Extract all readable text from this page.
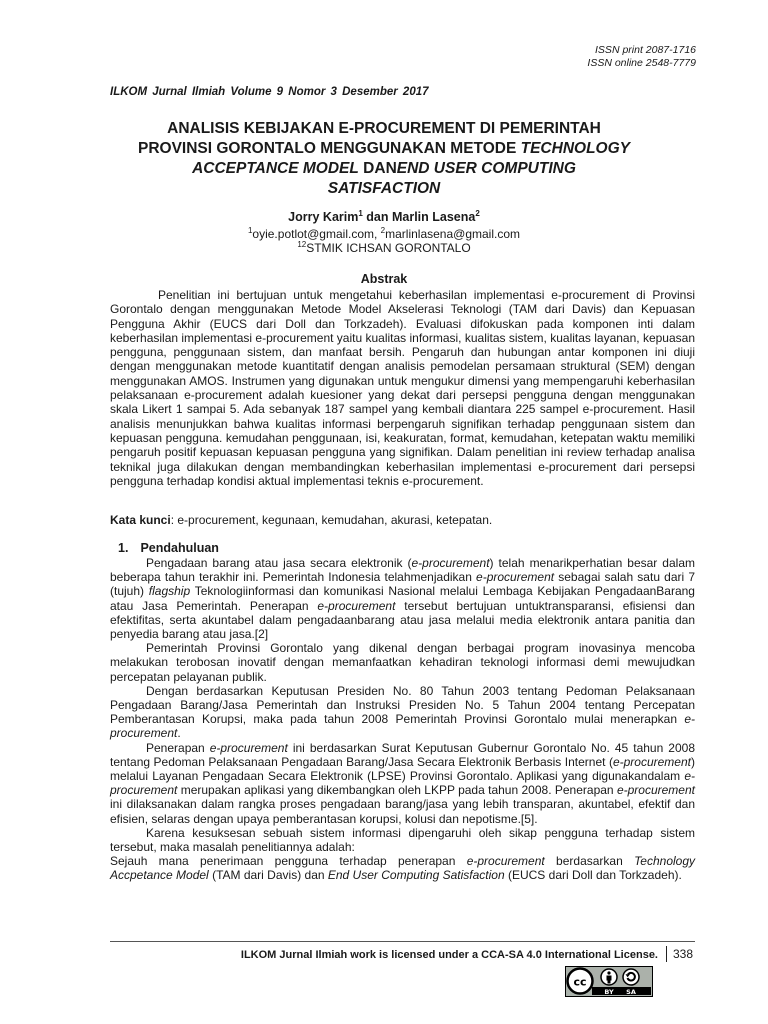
ISSN print 2087-1716
ISSN online 2548-7779
ILKOM Jurnal Ilmiah Volume 9 Nomor 3 Desember 2017
ANALISIS KEBIJAKAN E-PROCUREMENT DI PEMERINTAH
PROVINSI GORONTALO MENGGUNAKAN METODE TECHNOLOGY
ACCEPTANCE MODEL DANEND USER COMPUTING
SATISFACTION
Jorry Karim$^1$ dan Marlin Lasena$^2$
$^1$oyie.potlot@gmail.com, $^2$marlinlasena@gmail.com
$^{12}$STMIK ICHSAN GORONTALO
Abstrak

Penelitian ini bertujuan untuk mengetahui keberhasilan implementasi e-procurement di Provinsi Gorontalo dengan menggunakan Metode Model Akselerasi Teknologi (TAM dari Davis) dan Kepuasan Pengguna Akhir (EUCS dari Doll dan Torkzadeh). Evaluasi difokuskan pada komponen inti dalam keberhasilan implementasi e-procurement yaitu kualitas informasi, kualitas sistem, kualitas layanan, kepuasan pengguna, penggunaan sistem, dan manfaat bersih. Pengaruh dan hubungan antar komponen ini diuji dengan menggunakan metode kuantitatif dengan analisis pemodelan persamaan struktural (SEM) dengan menggunakan AMOS. Instrumen yang digunakan untuk mengukur dimensi yang mempengaruhi keberhasilan pelaksanaan e-procurement adalah kuesioner yang dekat dari persepsi pengguna dengan menggunakan skala Likert 1 sampai 5. Ada sebanyak 187 sampel yang kembali diantara 225 sampel e-procurement. Hasil analisis menunjukkan bahwa kualitas informasi berpengaruh signifikan terhadap penggunaan sistem dan kepuasan pengguna. kemudahan penggunaan, isi, keakuratan, format, kemudahan, ketepatan waktu memiliki pengaruh positif kepuasan kepuasan pengguna yang signifikan. Dalam penelitian ini review terhadap analisa teknikal juga dilakukan dengan membandingkan keberhasilan implementasi e-procurement dari persepsi pengguna terhadap kondisi aktual implementasi teknis e-procurement.

Kata kunci: e-procurement, kegunaan, kemudahan, akurasi, ketepatan.

1. Pendahuluan

Pengadaan barang atau jasa secara elektronik (e-procurement) telah menarikperhatian besar dalam beberapa tahun terakhir ini. Pemerintah Indonesia telahmenjadikan e-procurement sebagai salah satu dari 7 (tujuh) flagship Teknologiinformasi dan komunikasi Nasional melalui Lembaga Kebijakan PengadaanBarang atau Jasa Pemerintah. Penerapan e-procurement tersebut bertujuan untuktransparansi, efisiensi dan efektifitas, serta akuntabel dalam pengadaanbarang atau jasa melalui media elektronik antara panitia dan penyedia barang atau jasa.[2]

Pemerintah Provinsi Gorontalo yang dikenal dengan berbagai program inovasinya mencoba melakukan terobosan inovatif dengan memanfaatkan kehadiran teknologi informasi demi mewujudkan percepatan pelayanan publik.

Dengan berdasarkan Keputusan Presiden No. 80 Tahun 2003 tentang Pedoman Pelaksanaan Pengadaan Barang/Jasa Pemerintah dan Instruksi Presiden No. 5 Tahun 2004 tentang Percepatan Pemberantasan Korupsi, maka pada tahun 2008 Pemerintah Provinsi Gorontalo mulai menerapkan e-procurement.

Penerapan e-procurement ini berdasarkan Surat Keputusan Gubernur Gorontalo No. 45 tahun 2008 tentang Pedoman Pelaksanaan Pengadaan Barang/Jasa Secara Elektronik Berbasis Internet (e-procurement) melalui Layanan Pengadaan Secara Elektronik (LPSE) Provinsi Gorontalo. Aplikasi yang digunakandalam e-procurement merupakan aplikasi yang dikembangkan oleh LKPP pada tahun 2008. Penerapan e-procurement ini dilaksanakan dalam rangka proses pengadaan barang/jasa yang lebih transparan, akuntabel, efektif dan efisien, selaras dengan upaya pemberantasan korupsi, kolusi dan nepotisme.[5].

Karena kesuksesan sebuah sistem informasi dipengaruhi oleh sikap pengguna terhadap sistem tersebut, maka masalah penelitiannya adalah:

Sejauh mana penerimaan pengguna terhadap penerapan e-procurement berdasarkan Technology Accpetance Model (TAM dari Davis) dan End User Computing Satisfaction (EUCS dari Doll dan Torkzadeh).

ILKOM Jurnal Ilmiah work is licensed under a CCA-SA 4.0 International License.	338
cc
BY SA
